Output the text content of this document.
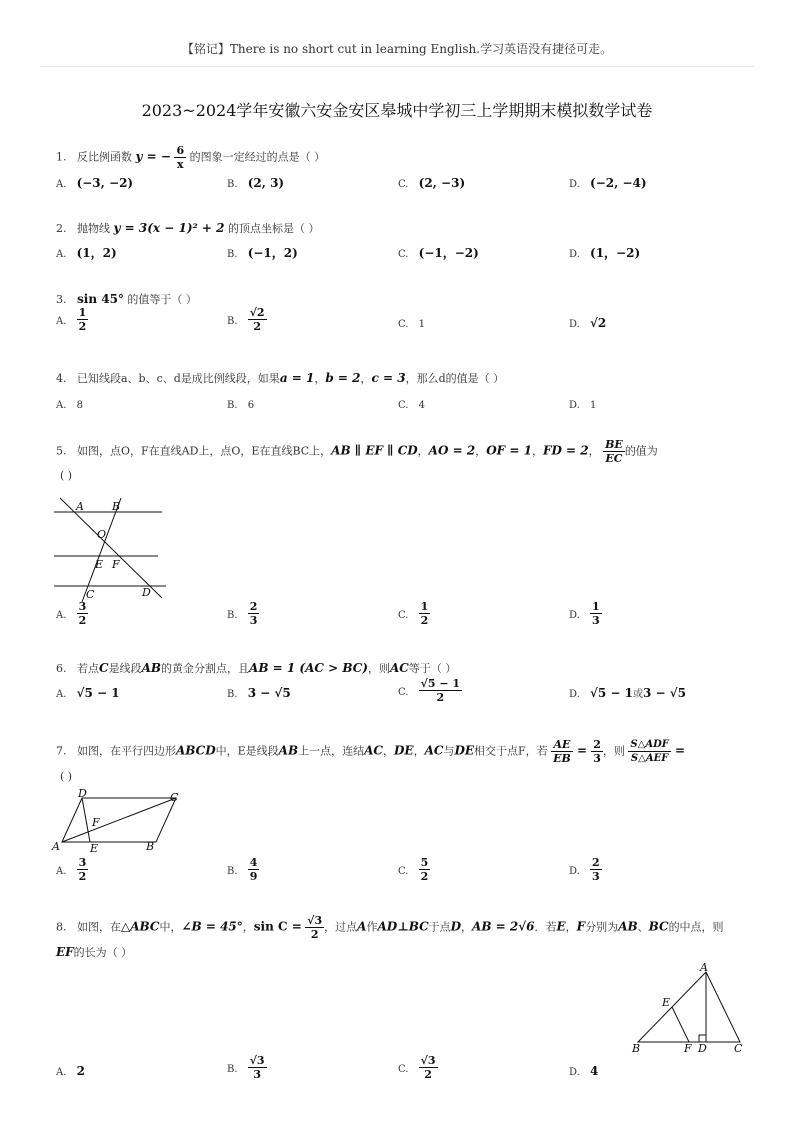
【铭记】There is no short cut in learning English.学习英语没有捷径可走。
2023~2024学年安徽六安金安区皋城中学初三上学期期末模拟数学试卷
1. 反比例函数 y = − $\frac{6}{x}$ 的图象一定经过的点是（ ）
A. (−3, −2)	B. (2, 3)	C. (2, −3)	D. (−2, −4)
2. 抛物线 y = 3(x − 1)² + 2 的顶点坐标是（ ）
A. (1，2)	B. (−1，2)	C. (−1，−2)	D. (1，−2)
3. sin 45° 的值等于（ ）
A. $\frac{1}{2}$	B. $\frac{√2}{2}$	C. 1	D. √2
4. 已知线段a、b、c、d是成比例线段，如果a = 1，b = 2，c = 3，那么d的值是（ ）
A. 8	B. 6	C. 4	D. 1
5. 如图，点O，F在直线AD上，点O，E在直线BC上，AB ∥ EF ∥ CD，AO = 2，OF = 1，FD = 2， $\frac{BE}{EC}$ 的值为
( )
A	B
O
E F
C	D
A. $\frac{3}{2}$	B. $\frac{2}{3}$	C. $\frac{1}{2}$	D. $\frac{1}{3}$
6. 若点C是线段AB的黄金分割点，且AB = 1 (AC > BC)，则AC等于（ ）
A. √5 − 1	B. 3 − √5	C. $\frac{√5 - 1}{2}$	D. √5 − 1或3 − √5
7. 如图，在平行四边形ABCD中，E是线段AB上一点，连结AC，DE，AC与DE相交于点F，若 $\frac{AE}{EB} = \frac{2}{3}$ ，则 $\frac{\text{S△ADF}}{\text{S△AEF}}$ =
( )
D	C
F
A	E	B
A. $\frac{3}{2}$	B. $\frac{4}{9}$	C. $\frac{5}{2}$	D. $\frac{2}{3}$
8. 如图，在△ABC中，∠B = 45°，$\sin C = \frac{√3}{2}$ ，过点A作AD⊥BC于点D，AB = 2√6．若E，F分别为AB、BC的中点，则
EF的长为（ ）
A
E
B	F D C
A. 2	B. $\frac{√3}{3}$	C. $\frac{√3}{2}$	D. 4
